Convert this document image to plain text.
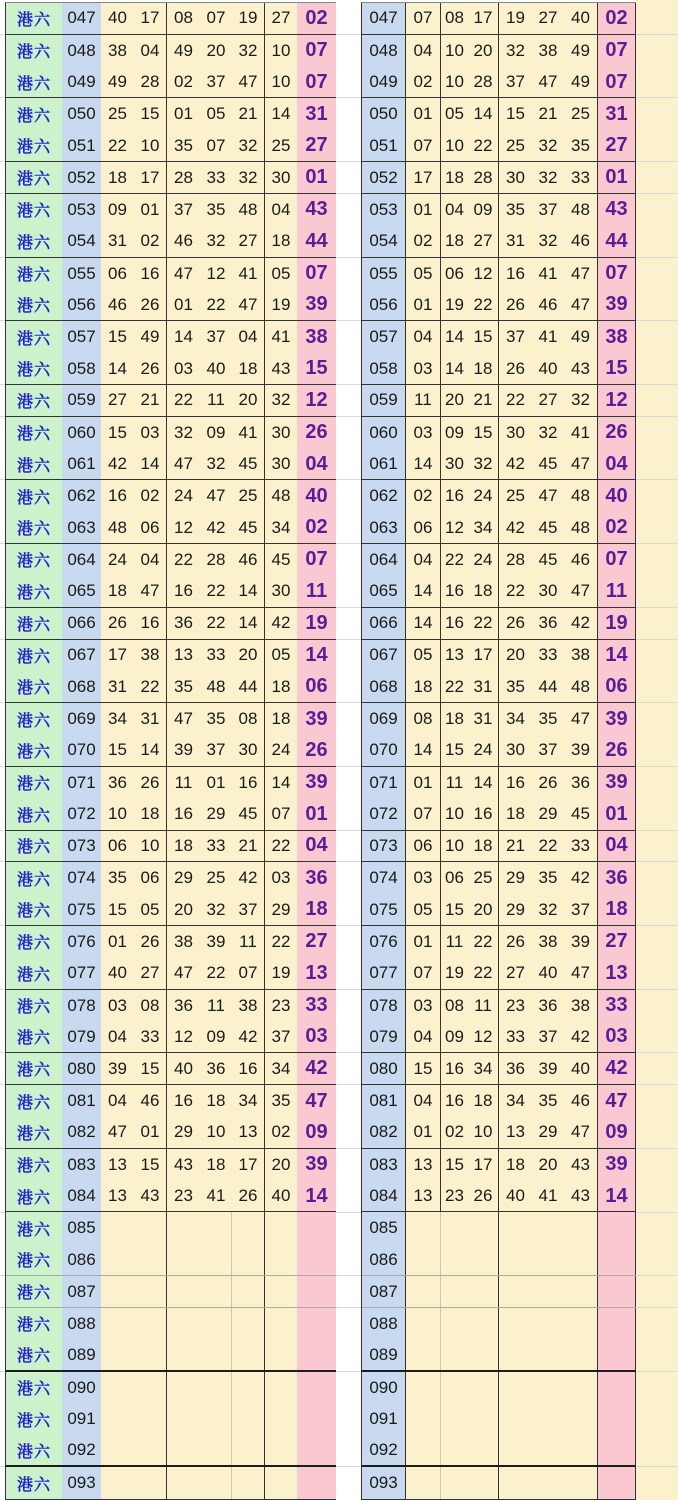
港六 047 40 17 08 07 19 27 02
港六 048 38 04 49 20 32 10 07
港六 049 49 28 02 37 47 10 07
港六 050 25 15 01 05 21 14 31
港六 051 22 10 35 07 32 25 27
港六 052 18 17 28 33 32 30 01
港六 053 09 01 37 35 48 04 43
港六 054 31 02 46 32 27 18 44
港六 055 06 16 47 12 41 05 07
港六 056 46 26 01 22 47 19 39
港六 057 15 49 14 37 04 41 38
港六 058 14 26 03 40 18 43 15
港六 059 27 21 22 11 20 32 12
港六 060 15 03 32 09 41 30 26
港六 061 42 14 47 32 45 30 04
港六 062 16 02 24 47 25 48 40
港六 063 48 06 12 42 45 34 02
港六 064 24 04 22 28 46 45 07
港六 065 18 47 16 22 14 30 11
港六 066 26 16 36 22 14 42 19
港六 067 17 38 13 33 20 05 14
港六 068 31 22 35 48 44 18 06
港六 069 34 31 47 35 08 18 39
港六 070 15 14 39 37 30 24 26
港六 071 36 26 11 01 16 14 39
港六 072 10 18 16 29 45 07 01
港六 073 06 10 18 33 21 22 04
港六 074 35 06 29 25 42 03 36
港六 075 15 05 20 32 37 29 18
港六 076 01 26 38 39 11 22 27
港六 077 40 27 47 22 07 19 13
港六 078 03 08 36 11 38 23 33
港六 079 04 33 12 09 42 37 03
港六 080 39 15 40 36 16 34 42
港六 081 04 46 16 18 34 35 47
港六 082 47 01 29 10 13 02 09
港六 083 13 15 43 18 17 20 39
港六 084 13 43 23 41 26 40 14
港六 085
港六 086
港六 087
港六 088
港六 089
港六 090
港六 091
港六 092
港六 093
047 07 08 17 19 27 40 02
048 04 10 20 32 38 49 07
049 02 10 28 37 47 49 07
050 01 05 14 15 21 25 31
051 07 10 22 25 32 35 27
052 17 18 28 30 32 33 01
053 01 04 09 35 37 48 43
054 02 18 27 31 32 46 44
055 05 06 12 16 41 47 07
056 01 19 22 26 46 47 39
057 04 14 15 37 41 49 38
058 03 14 18 26 40 43 15
059 11 20 21 22 27 32 12
060 03 09 15 30 32 41 26
061 14 30 32 42 45 47 04
062 02 16 24 25 47 48 40
063 06 12 34 42 45 48 02
064 04 22 24 28 45 46 07
065 14 16 18 22 30 47 11
066 14 16 22 26 36 42 19
067 05 13 17 20 33 38 14
068 18 22 31 35 44 48 06
069 08 18 31 34 35 47 39
070 14 15 24 30 37 39 26
071 01 11 14 16 26 36 39
072 07 10 16 18 29 45 01
073 06 10 18 21 22 33 04
074 03 06 25 29 35 42 36
075 05 15 20 29 32 37 18
076 01 11 22 26 38 39 27
077 07 19 22 27 40 47 13
078 03 08 11 23 36 38 33
079 04 09 12 33 37 42 03
080 15 16 34 36 39 40 42
081 04 16 18 34 35 46 47
082 01 02 10 13 29 47 09
083 13 15 17 18 20 43 39
084 13 23 26 40 41 43 14
085
086
087
088
089
090
091
092
093
